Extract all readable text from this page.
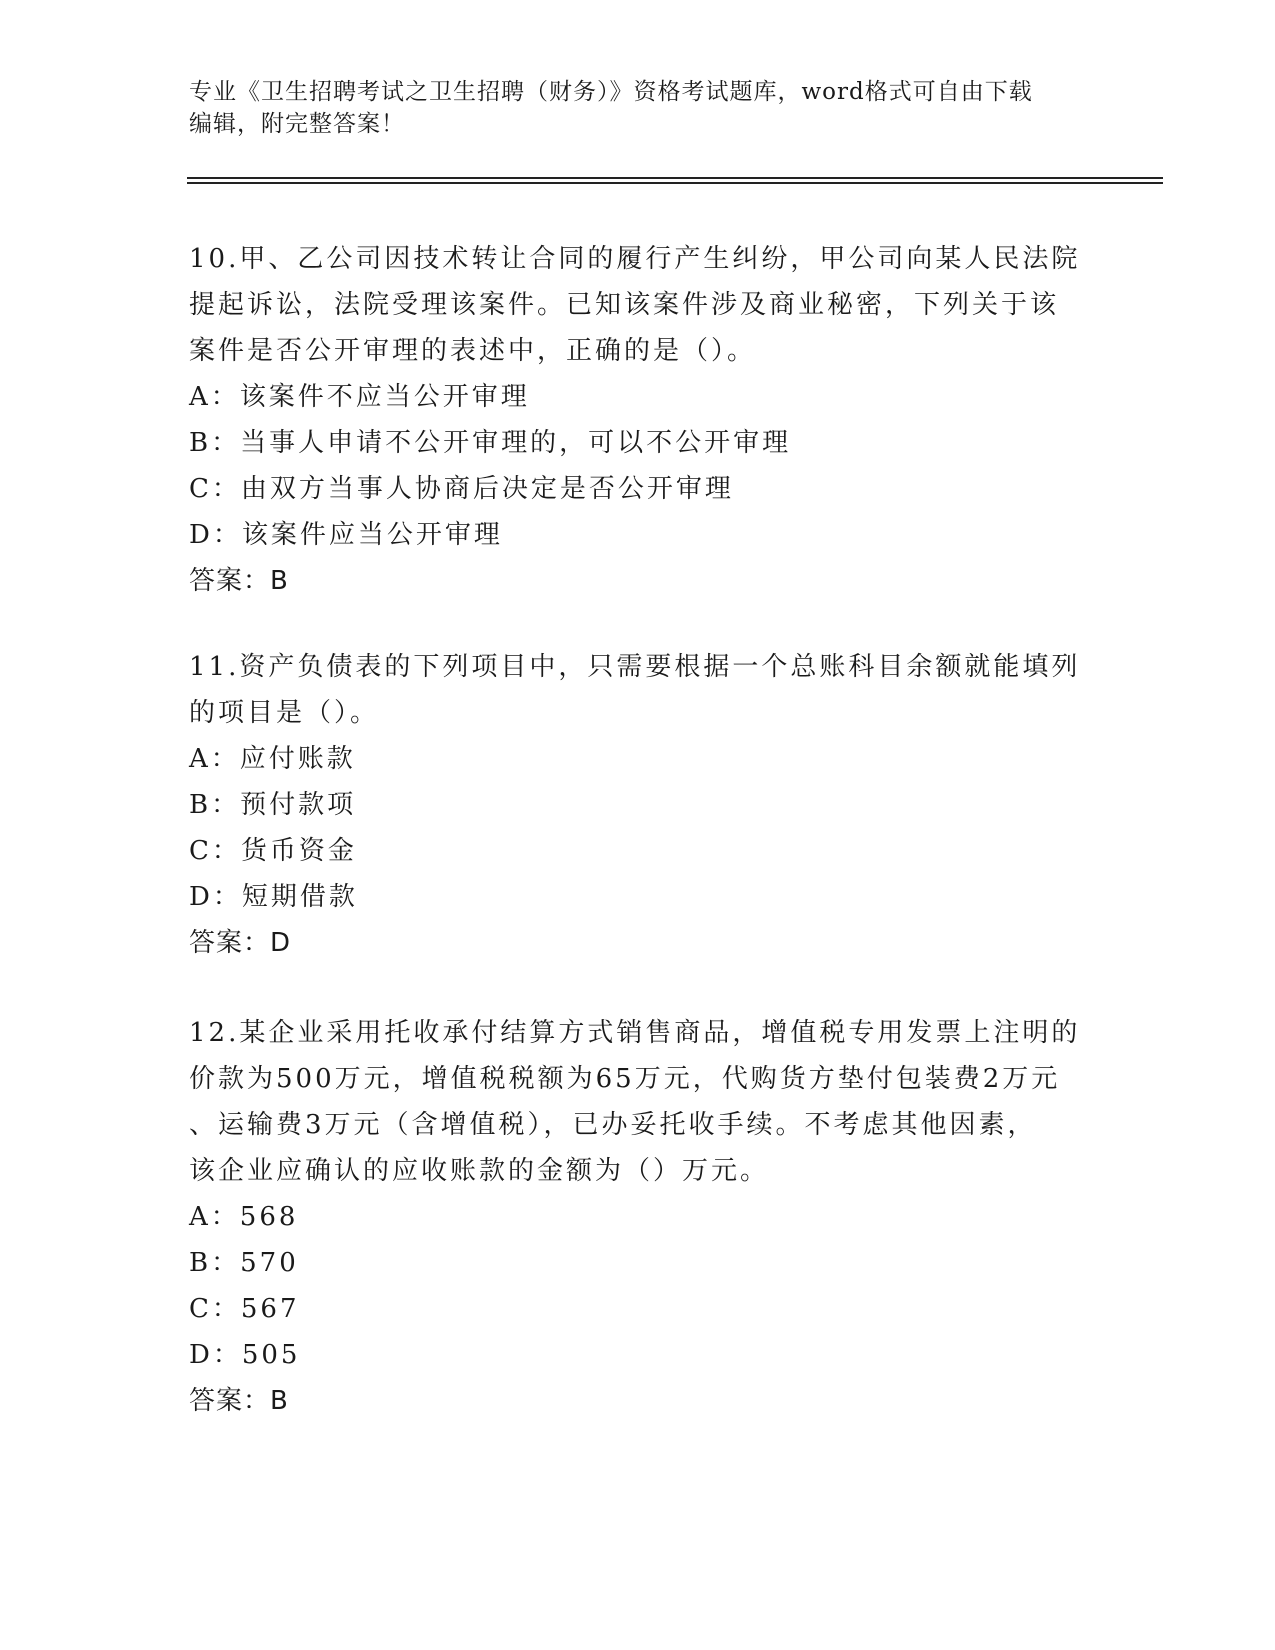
专业《卫生招聘考试之卫生招聘（财务）》资格考试题库，word格式可自由下载
编辑，附完整答案！

10.甲、乙公司因技术转让合同的履行产生纠纷，甲公司向某人民法院

提起诉讼，法院受理该案件。已知该案件涉及商业秘密，下列关于该

案件是否公开审理的表述中，正确的是（）。

A：该案件不应当公开审理

B：当事人申请不公开审理的，可以不公开审理

C：由双方当事人协商后决定是否公开审理

D：该案件应当公开审理

答案：B

11.资产负债表的下列项目中，只需要根据一个总账科目余额就能填列

的项目是（）。

A：应付账款

B：预付款项

C：货币资金

D：短期借款

答案：D

12.某企业采用托收承付结算方式销售商品，增值税专用发票上注明的

价款为500万元，增值税税额为65万元，代购货方垫付包装费2万元

、运输费3万元（含增值税），已办妥托收手续。不考虑其他因素，

该企业应确认的应收账款的金额为（）万元。

A：568

B：570

C：567

D：505

答案：B
